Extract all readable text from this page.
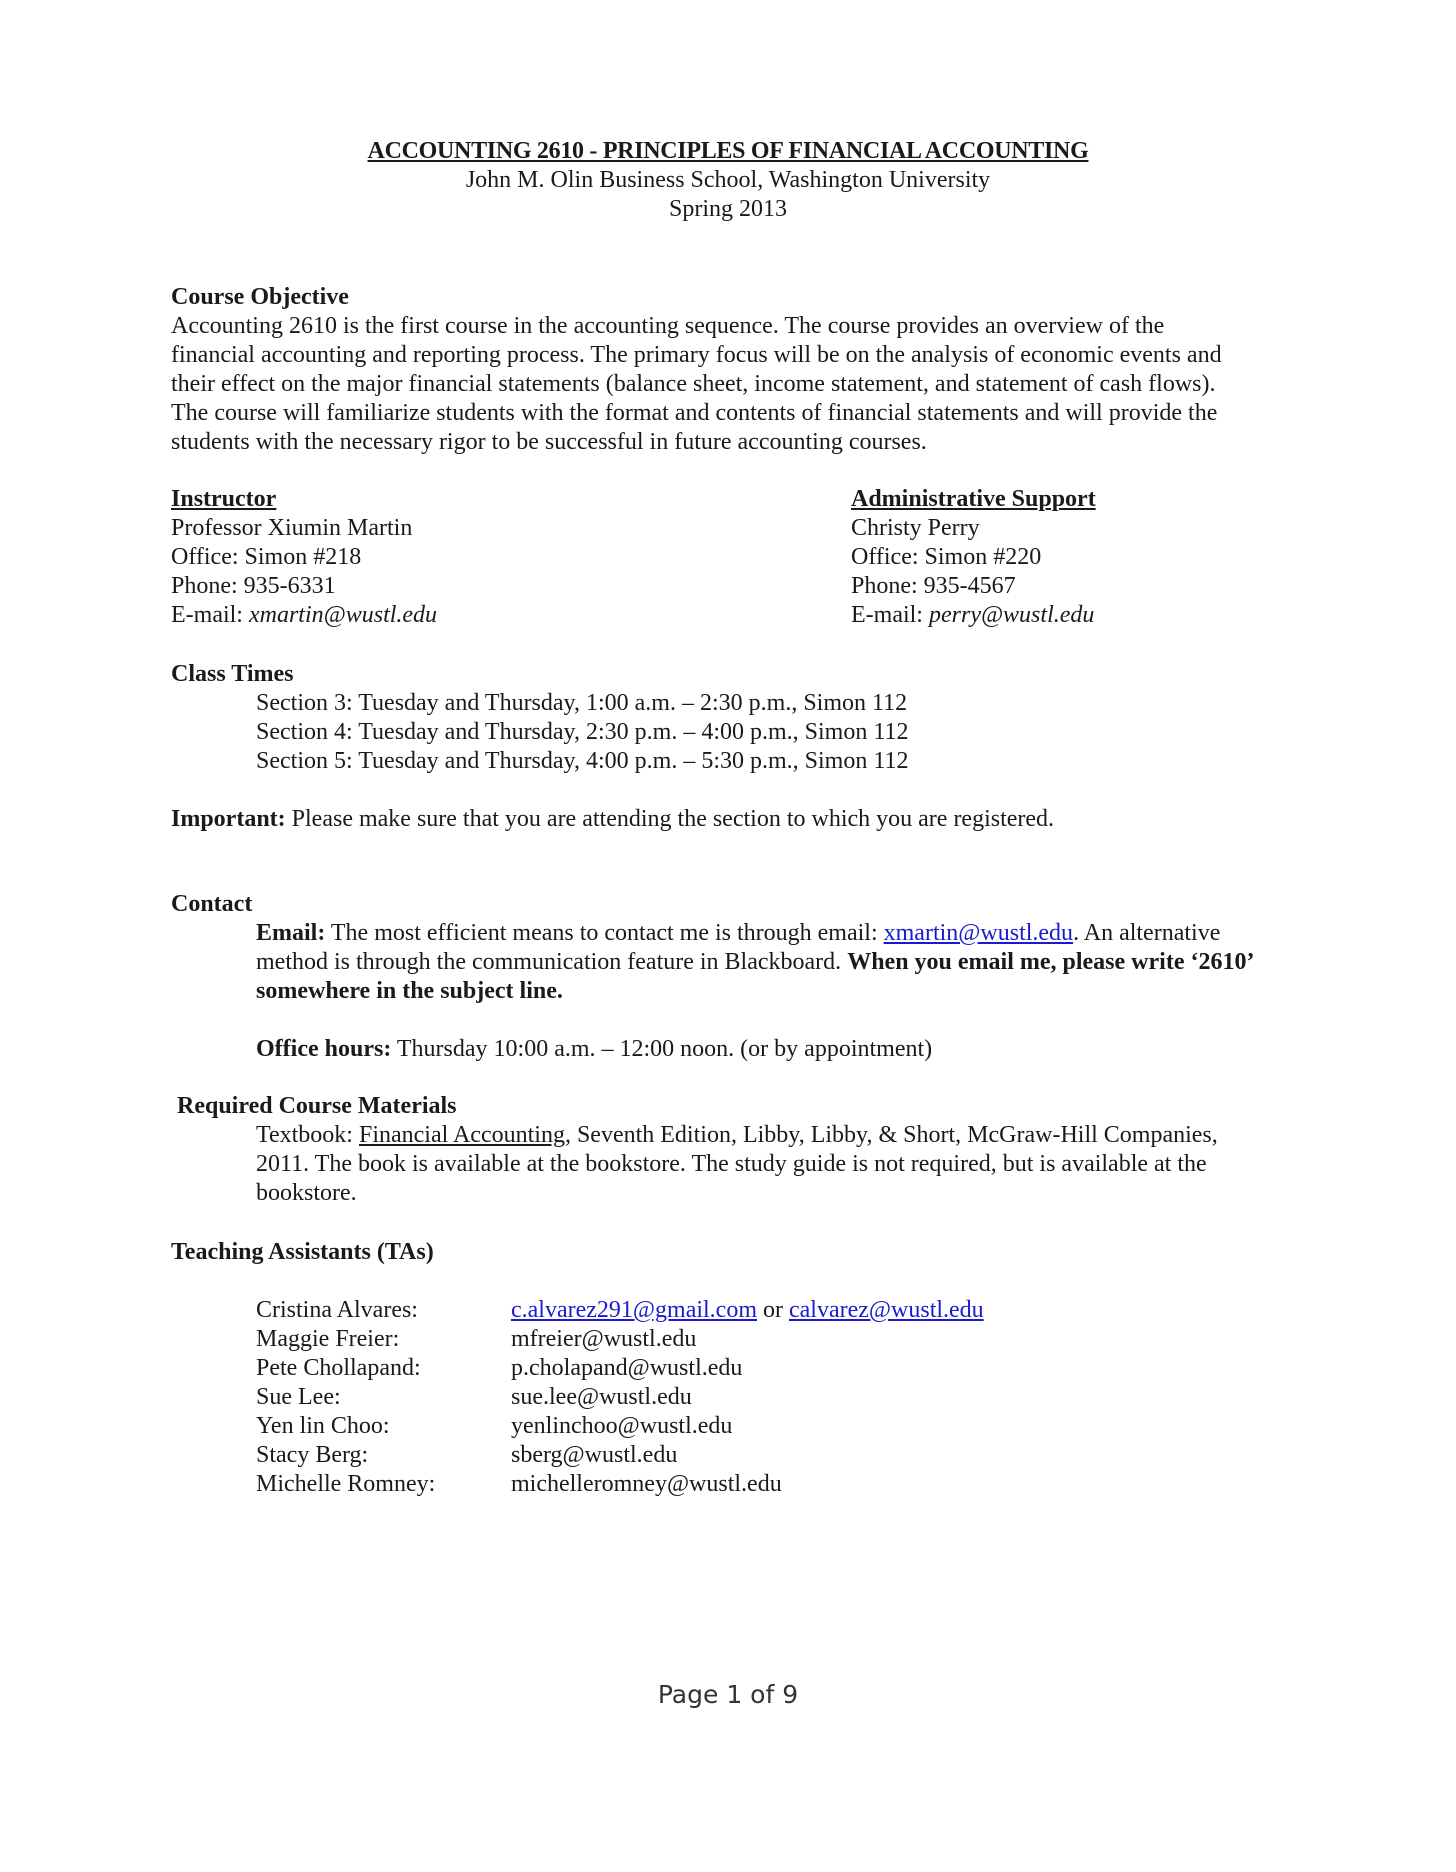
ACCOUNTING 2610 - PRINCIPLES OF FINANCIAL ACCOUNTING
John M. Olin Business School, Washington University
Spring 2013
Course Objective
Accounting 2610 is the first course in the accounting sequence. The course provides an overview of the
financial accounting and reporting process. The primary focus will be on the analysis of economic events and
their effect on the major financial statements (balance sheet, income statement, and statement of cash flows).
The course will familiarize students with the format and contents of financial statements and will provide the
students with the necessary rigor to be successful in future accounting courses.
Instructor
Professor Xiumin Martin
Office: Simon #218
Phone: 935-6331
E-mail: xmartin@wustl.edu
Administrative Support
Christy Perry
Office: Simon #220
Phone: 935-4567
E-mail: perry@wustl.edu
Class Times
Section 3: Tuesday and Thursday, 1:00 a.m. – 2:30 p.m., Simon 112
Section 4: Tuesday and Thursday, 2:30 p.m. – 4:00 p.m., Simon 112
Section 5: Tuesday and Thursday, 4:00 p.m. – 5:30 p.m., Simon 112
Important: Please make sure that you are attending the section to which you are registered.
Contact
Email: The most efficient means to contact me is through email: xmartin@wustl.edu. An alternative
method is through the communication feature in Blackboard. When you email me, please write ‘2610’
somewhere in the subject line.
Office hours: Thursday 10:00 a.m. – 12:00 noon. (or by appointment)
Required Course Materials
Textbook: Financial Accounting, Seventh Edition, Libby, Libby, & Short, McGraw-Hill Companies,
2011. The book is available at the bookstore. The study guide is not required, but is available at the
bookstore.
Teaching Assistants (TAs)
Cristina Alvares:	c.alvarez291@gmail.com or calvarez@wustl.edu
Maggie Freier:	mfreier@wustl.edu
Pete Chollapand:	p.cholapand@wustl.edu
Sue Lee:	sue.lee@wustl.edu
Yen lin Choo:	yenlinchoo@wustl.edu
Stacy Berg:	sberg@wustl.edu
Michelle Romney:	michelleromney@wustl.edu
Page 1 of 9
